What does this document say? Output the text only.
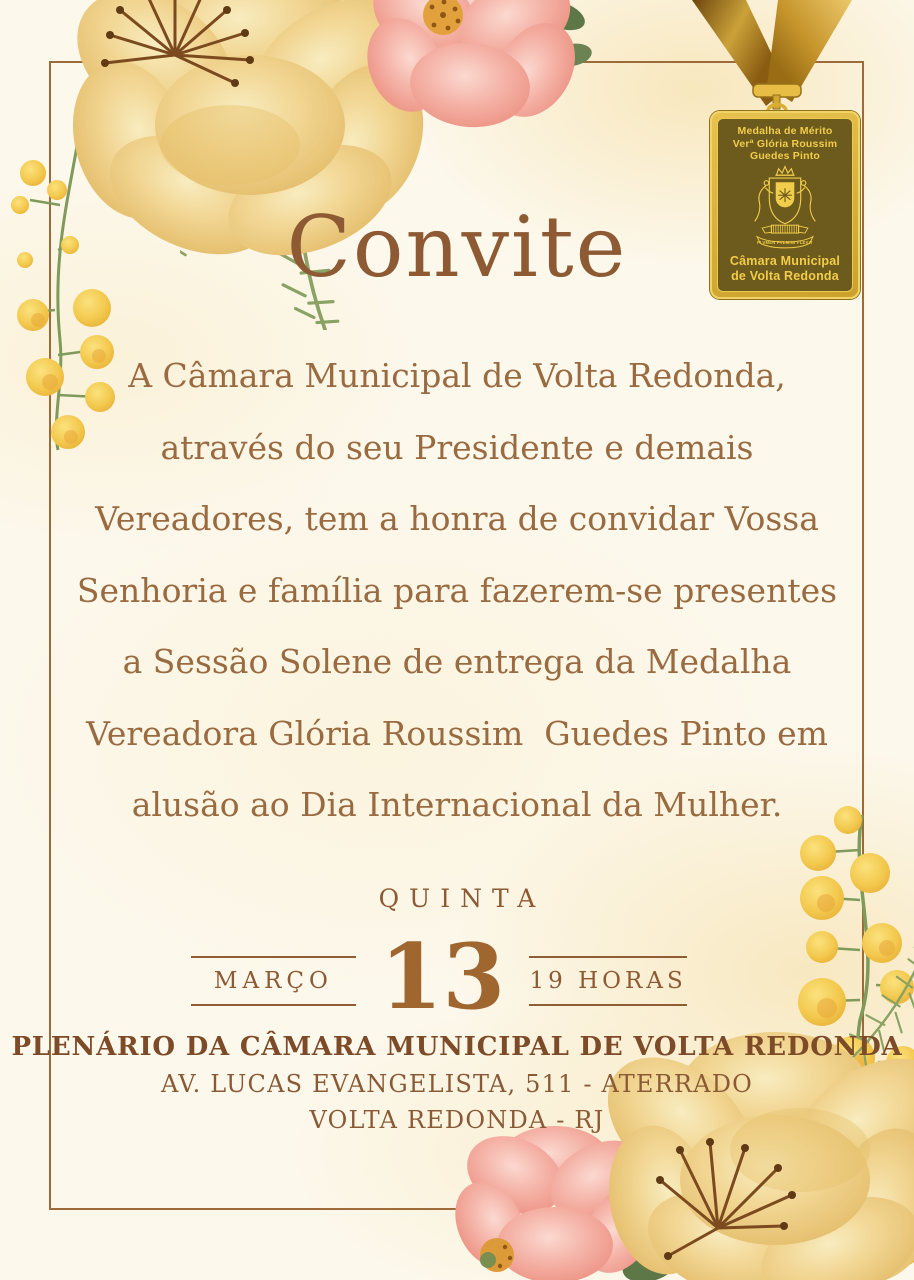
Medalha de Mérito
Verª Glória Roussim
Guedes Pinto
FLVMEN FVLMINI FLEXIT
Câmara Municipal
de Volta Redonda
Convite
A Câmara Municipal de Volta Redonda,
através do seu Presidente e demais
Vereadores, tem a honra de convidar Vossa
Senhoria e família para fazerem-se presentes
a Sessão Solene de entrega da Medalha
Vereadora Glória Roussim  Guedes Pinto em
alusão ao Dia Internacional da Mulher.
QUINTA
MARÇO 13 19 HORAS
PLENÁRIO DA CÂMARA MUNICIPAL DE VOLTA REDONDA
AV. LUCAS EVANGELISTA, 511 - ATERRADO
VOLTA REDONDA - RJ
